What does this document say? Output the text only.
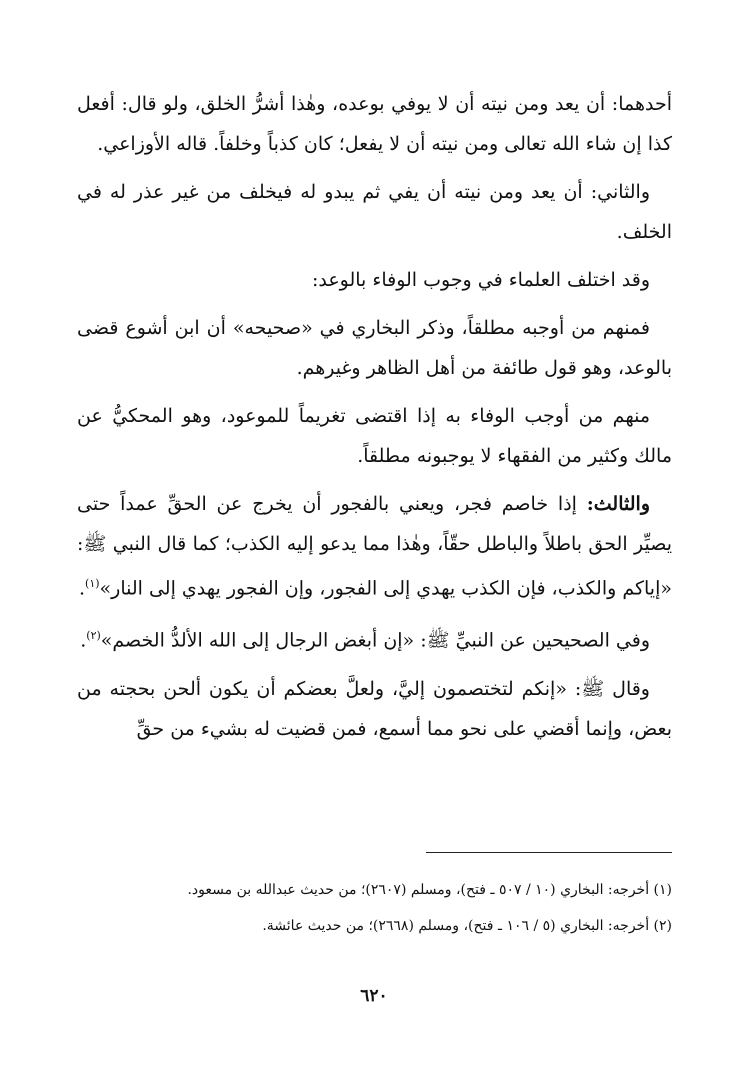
أحدهما: أن يعد ومن نيته أن لا يوفي بوعده، وهٰذا أشرُّ الخلق، ولو قال: أفعل كذا إن شاء الله تعالى ومن نيته أن لا يفعل؛ كان كذباً وخلفاً. قاله الأوزاعي.

والثاني: أن يعد ومن نيته أن يفي ثم يبدو له فيخلف من غير عذر له في الخلف.

وقد اختلف العلماء في وجوب الوفاء بالوعد:

فمنهم من أوجبه مطلقاً، وذكر البخاري في «صحيحه» أن ابن أشوع قضى بالوعد، وهو قول طائفة من أهل الظاهر وغيرهم.

منهم من أوجب الوفاء به إذا اقتضى تغريماً للموعود، وهو المحكيُّ عن مالك وكثير من الفقهاء لا يوجبونه مطلقاً.

والثالث: إذا خاصم فجر، ويعني بالفجور أن يخرج عن الحقِّ عمداً حتى يصيِّر الحق باطلاً والباطل حقّاً، وهٰذا مما يدعو إليه الكذب؛ كما قال النبي ﷺ: «إياكم والكذب، فإن الكذب يهدي إلى الفجور، وإن الفجور يهدي إلى النار»$^{(١)}$.

وفي الصحيحين عن النبيِّ ﷺ: «إن أبغض الرجال إلى الله الألدُّ الخصم»$^{(٢)}$.

وقال ﷺ: «إنكم لتختصمون إليَّ، ولعلَّ بعضكم أن يكون ألحن بحجته من بعض، وإنما أقضي على نحو مما أسمع، فمن قضيت له بشيء من حقِّ

(١) أخرجه: البخاري (١٠ / ٥٠٧ ـ فتح)، ومسلم (٢٦٠٧)؛ من حديث عبدالله بن مسعود.

(٢) أخرجه: البخاري (٥ / ١٠٦ ـ فتح)، ومسلم (٢٦٦٨)؛ من حديث عائشة.

٦٢٠
